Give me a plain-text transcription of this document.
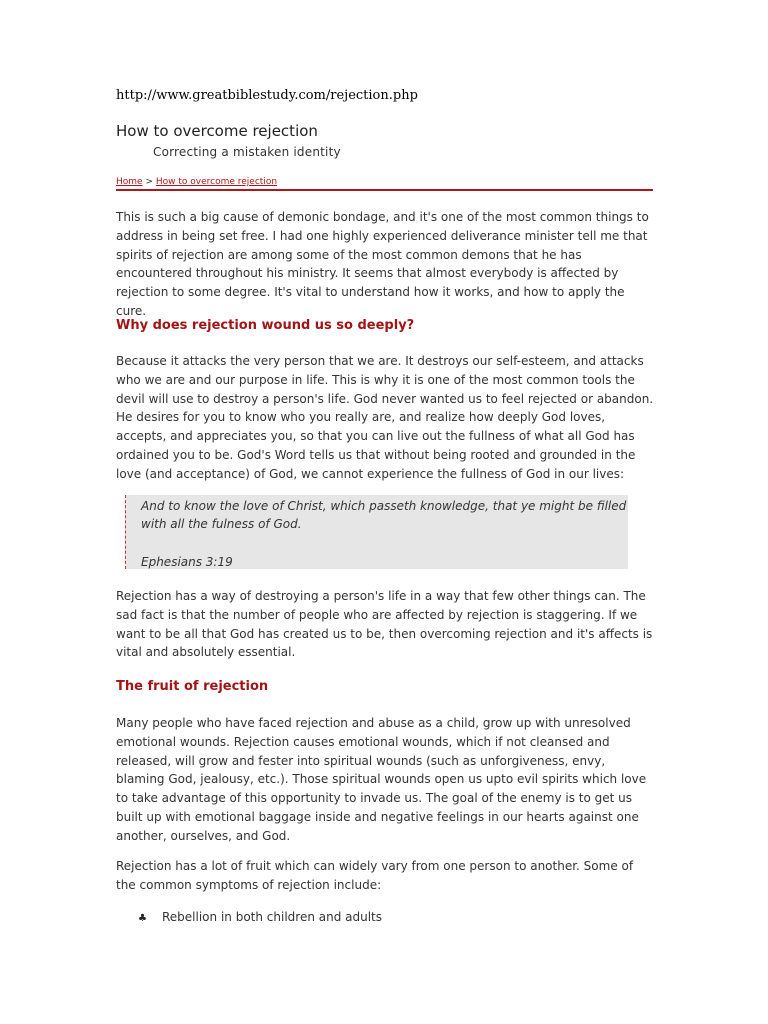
http://www.greatbiblestudy.com/rejection.php
How to overcome rejection
Correcting a mistaken identity
Home > How to overcome rejection

This is such a big cause of demonic bondage, and it's one of the most common things to address in being set free. I had one highly experienced deliverance minister tell me that spirits of rejection are among some of the most common demons that he has encountered throughout his ministry. It seems that almost everybody is affected by rejection to some degree. It's vital to understand how it works, and how to apply the cure.

Why does rejection wound us so deeply?

Because it attacks the very person that we are. It destroys our self-esteem, and attacks who we are and our purpose in life. This is why it is one of the most common tools the devil will use to destroy a person's life. God never wanted us to feel rejected or abandon. He desires for you to know who you really are, and realize how deeply God loves, accepts, and appreciates you, so that you can live out the fullness of what all God has ordained you to be. God's Word tells us that without being rooted and grounded in the love (and acceptance) of God, we cannot experience the fullness of God in our lives:

And to know the love of Christ, which passeth knowledge, that ye might be filled with all the fulness of God.
Ephesians 3:19

Rejection has a way of destroying a person's life in a way that few other things can. The sad fact is that the number of people who are affected by rejection is staggering. If we want to be all that God has created us to be, then overcoming rejection and it's affects is vital and absolutely essential.

The fruit of rejection

Many people who have faced rejection and abuse as a child, grow up with unresolved emotional wounds. Rejection causes emotional wounds, which if not cleansed and released, will grow and fester into spiritual wounds (such as unforgiveness, envy, blaming God, jealousy, etc.). Those spiritual wounds open us upto evil spirits which love to take advantage of this opportunity to invade us. The goal of the enemy is to get us built up with emotional baggage inside and negative feelings in our hearts against one another, ourselves, and God.

Rejection has a lot of fruit which can widely vary from one person to another. Some of the common symptoms of rejection include:

♣ Rebellion in both children and adults
